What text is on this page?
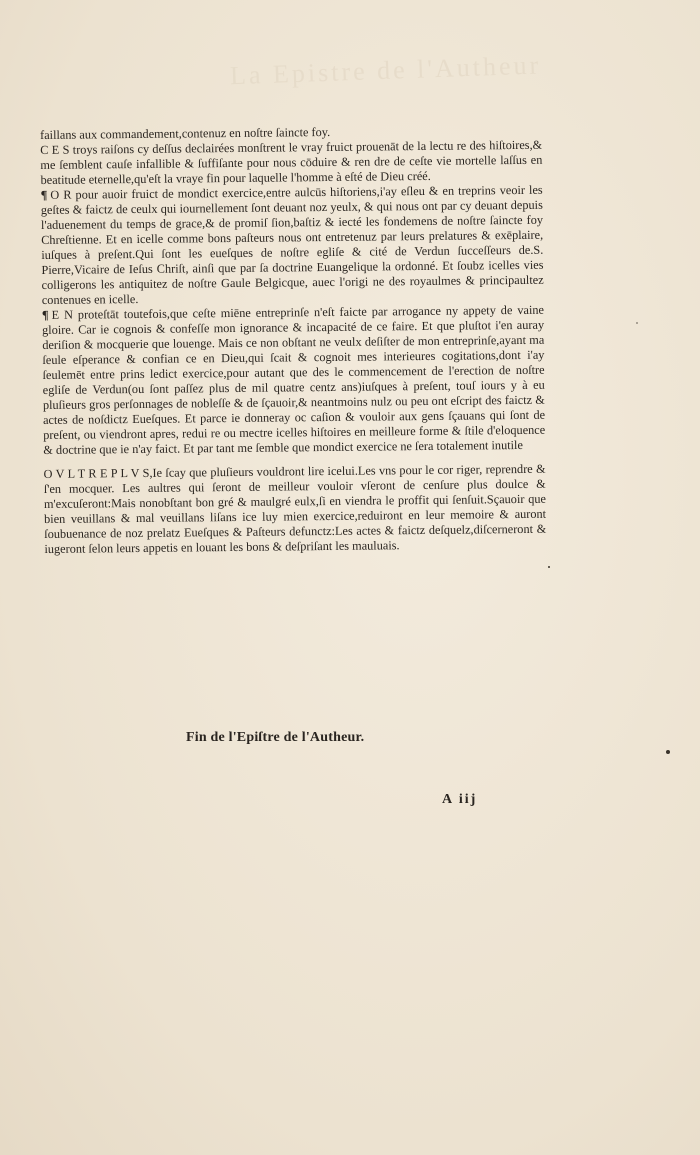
La Epistre de l'Autheur

faillans aux commandement,contenuz en noſtre ſaincte foy.

C E S troys raiſons cy deſſus declairées monſtrent le vray fruict prouenāt de la lectu re des hiſtoires,& me ſemblent cauſe infallible & ſuffiſante pour nous cōduire & ren dre de ceſte vie mortelle laſſus en beatitude eternelle,qu'eſt la vraye fin pour laquelle l'homme à eſté de Dieu créé.

¶ O R pour auoir fruict de mondict exercice,entre aulcūs hiſtoriens,i'ay eſleu & en treprins veoir les geſtes & faictz de ceulx qui iournellement ſont deuant noz yeulx, & qui nous ont par cy deuant depuis l'aduenement du temps de grace,& de promiſ ſion,baſtiz & iecté les fondemens de noſtre ſaincte foy Chreſtienne. Et en icelle comme bons paſteurs nous ont entretenuz par leurs prelatures & exēplaire, iuſques à preſent.Qui ſont les eueſques de noſtre egliſe & cité de Verdun ſucceſſeurs de.S. Pierre,Vicaire de Ieſus Chriſt, ainſi que par ſa doctrine Euangelique la ordonné. Et ſoubz icelles vies colligerons les antiquitez de noſtre Gaule Belgicque, auec l'origi ne des royaulmes & principaultez contenues en icelle.

¶ E N proteſtāt toutefois,que ceſte miēne entreprinſe n'eſt faicte par arrogance ny appety de vaine gloire. Car ie cognois & confeſſe mon ignorance & incapacité de ce faire. Et que pluſtot i'en auray deriſion & mocquerie que louenge. Mais ce non obſtant ne veulx deſiſter de mon entreprinſe,ayant ma ſeule eſperance & confian ce en Dieu,qui ſcait & cognoit mes interieures cogitations,dont i'ay ſeulemēt entre prins ledict exercice,pour autant que des le commencement de l'erection de noſtre egliſe de Verdun(ou ſont paſſez plus de mil quatre centz ans)iuſques à preſent, touſ iours y à eu pluſieurs gros perſonnages de nobleſſe & de ſçauoir,& neantmoins nulz ou peu ont eſcript des faictz & actes de noſdictz Eueſques. Et parce ie donneray oc caſion & vouloir aux gens ſçauans qui ſont de preſent, ou viendront apres, redui re ou mectre icelles hiſtoires en meilleure forme & ſtile d'eloquence & doctrine que ie n'ay faict. Et par tant me ſemble que mondict exercice ne ſera totalement inutile

O V L T R E P L V S,Ie ſcay que pluſieurs vouldront lire icelui.Les vns pour le cor riger, reprendre & ſ'en mocquer. Les aultres qui ſeront de meilleur vouloir vſeront de cenſure plus doulce & m'excuſeront:Mais nonobſtant bon gré & maulgré eulx,ſi en viendra le proffit qui ſenſuit.Sçauoir que bien veuillans & mal veuillans liſans ice luy mien exercice,reduiront en leur memoire & auront ſoubuenance de noz prelatz Eueſques & Paſteurs defunctz:Les actes & faictz deſquelz,diſcerneront & iugeront ſelon leurs appetis en louant les bons & deſpriſant les mauluais.

Fin de l'Epiſtre de l'Autheur.
A iij
